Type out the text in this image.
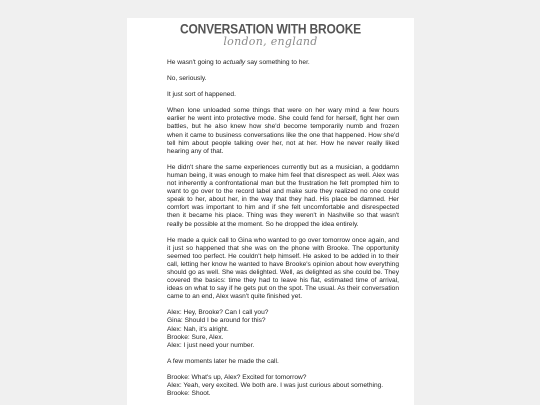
CONVERSATION WITH BROOKE
london, england

He wasn't going to actually say something to her.

No, seriously.

It just sort of happened.

When Ione unloaded some things that were on her wary mind a few hours earlier he went into protective mode. She could fend for herself, fight her own battles, but he also knew how she'd become temporarily numb and frozen when it came to business conversations like the one that happened. How she'd tell him about people talking over her, not at her. How he never really liked hearing any of that.

He didn't share the same experiences currently but as a musician, a goddamn human being, it was enough to make him feel that disrespect as well. Alex was not inherently a confrontational man but the frustration he felt prompted him to want to go over to the record label and make sure they realized no one could speak to her, about her, in the way that they had. His place be damned. Her comfort was important to him and if she felt uncomfortable and disrespected then it became his place. Thing was they weren't in Nashville so that wasn't really be possible at the moment. So he dropped the idea entirely.

He made a quick call to Gina who wanted to go over tomorrow once again, and it just so happened that she was on the phone with Brooke. The opportunity seemed too perfect. He couldn't help himself. He asked to be added in to their call, letting her know he wanted to have Brooke's opinion about how everything should go as well. She was delighted. Well, as delighted as she could be. They covered the basics: time they had to leave his flat, estimated time of arrival, ideas on what to say if he gets put on the spot. The usual. As their conversation came to an end, Alex wasn't quite finished yet.

Alex: Hey, Brooke? Can I call you?
Gina: Should I be around for this?
Alex: Nah, it's alright.
Brooke: Sure, Alex.
Alex: I just need your number.

A few moments later he made the call.

Brooke: What's up, Alex? Excited for tomorrow?
Alex: Yeah, very excited. We both are. I was just curious about something.
Brooke: Shoot.
